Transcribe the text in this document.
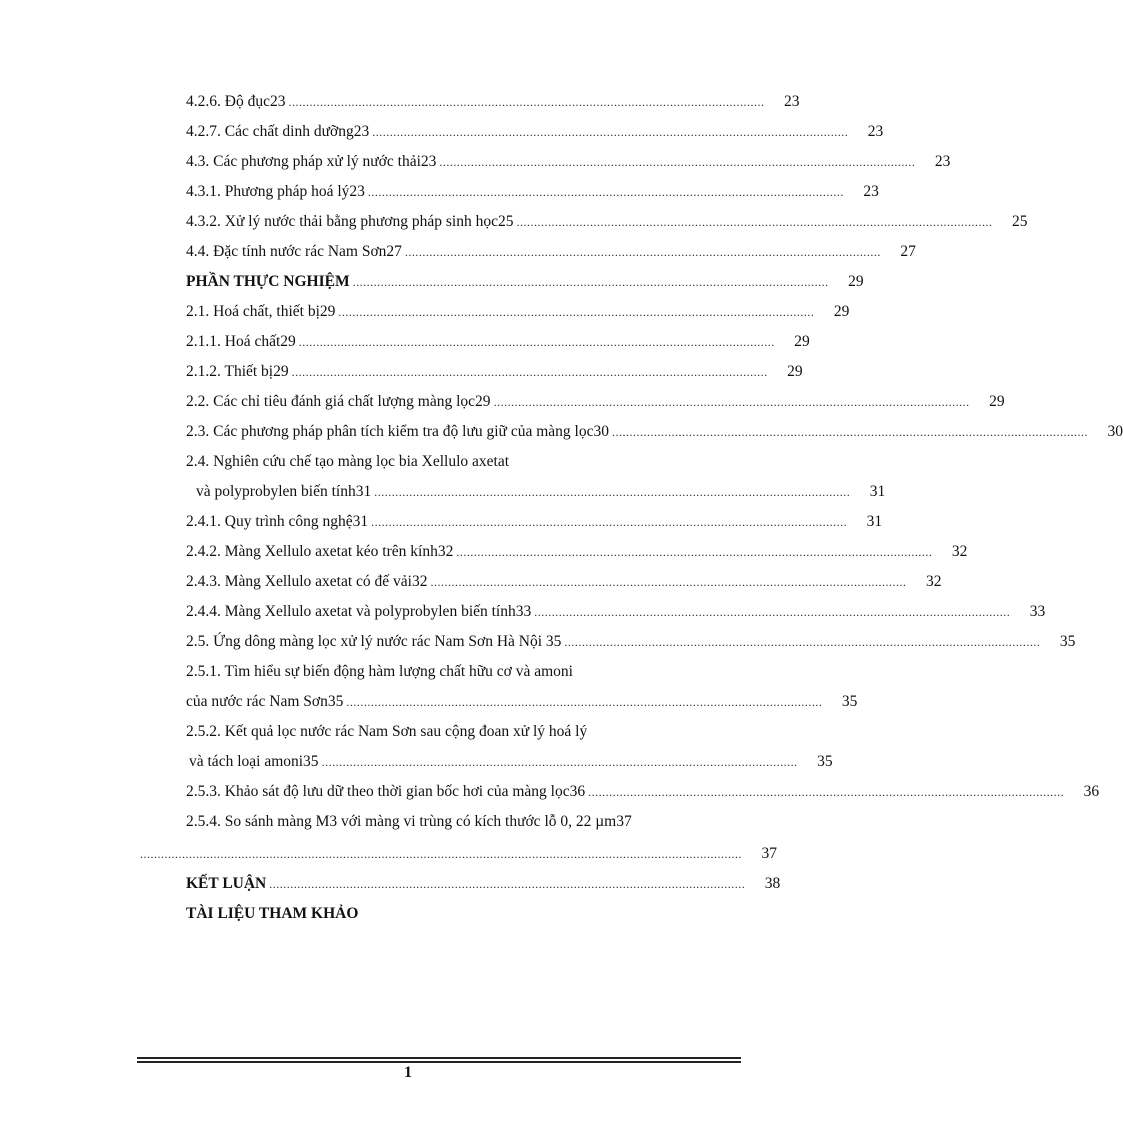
4.2.6. Độ đục23 ........................................................................................................................................	23
4.2.7. Các chất dinh dưỡng23 ........................................................................................................................................	23
4.3. Các phương pháp xử lý nước thải23 ........................................................................................................................................	23
4.3.1. Phương pháp hoá lý23 ........................................................................................................................................	23
4.3.2. Xử lý nước thải bằng phương pháp sinh học25 ........................................................................................................................................	25
4.4. Đặc tính nước rác Nam Sơn27 ........................................................................................................................................	27
PHẦN THỰC NGHIỆM ........................................................................................................................................	29
2.1. Hoá chất, thiết bị29 ........................................................................................................................................	29
2.1.1. Hoá chất29 ........................................................................................................................................	29
2.1.2. Thiết bị29 ........................................................................................................................................	29
2.2. Các chỉ tiêu đánh giá chất lượng màng lọc29 ........................................................................................................................................	29
2.3. Các phương pháp phân tích kiểm tra độ lưu giữ của màng lọc30 ........................................................................................................................................	30
2.4. Nghiên cứu chế tạo màng lọc bia Xellulo axetat
và polyprobylen biến tính31 ........................................................................................................................................	31
2.4.1. Quy trình công nghệ31 ........................................................................................................................................	31
2.4.2. Màng Xellulo axetat kéo trên kính32 ........................................................................................................................................	32
2.4.3. Màng Xellulo axetat có đế vải32 ........................................................................................................................................	32
2.4.4. Màng Xellulo axetat và polyprobylen biến tính33 ........................................................................................................................................	33
2.5. Ứng dông màng lọc xử lý nước rác Nam Sơn Hà Nội 35 ........................................................................................................................................	35
2.5.1. Tìm hiểu sự biến động hàm lượng chất hữu cơ và amoni
của nước rác Nam Sơn35 ........................................................................................................................................	35
2.5.2. Kết quả lọc nước rác Nam Sơn sau cộng đoan xử lý hoá lý
và tách loại amoni35 ........................................................................................................................................	35
2.5.3. Khảo sát độ lưu dữ theo thời gian bốc hơi của màng lọc36 ........................................................................................................................................	36
2.5.4. So sánh màng M3 với màng vi trùng có kích thước lỗ 0, 22 µm37
............................................................................................................................................................................	37
KẾT LUẬN ........................................................................................................................................	38
TÀI LIỆU THAM KHẢO
1
